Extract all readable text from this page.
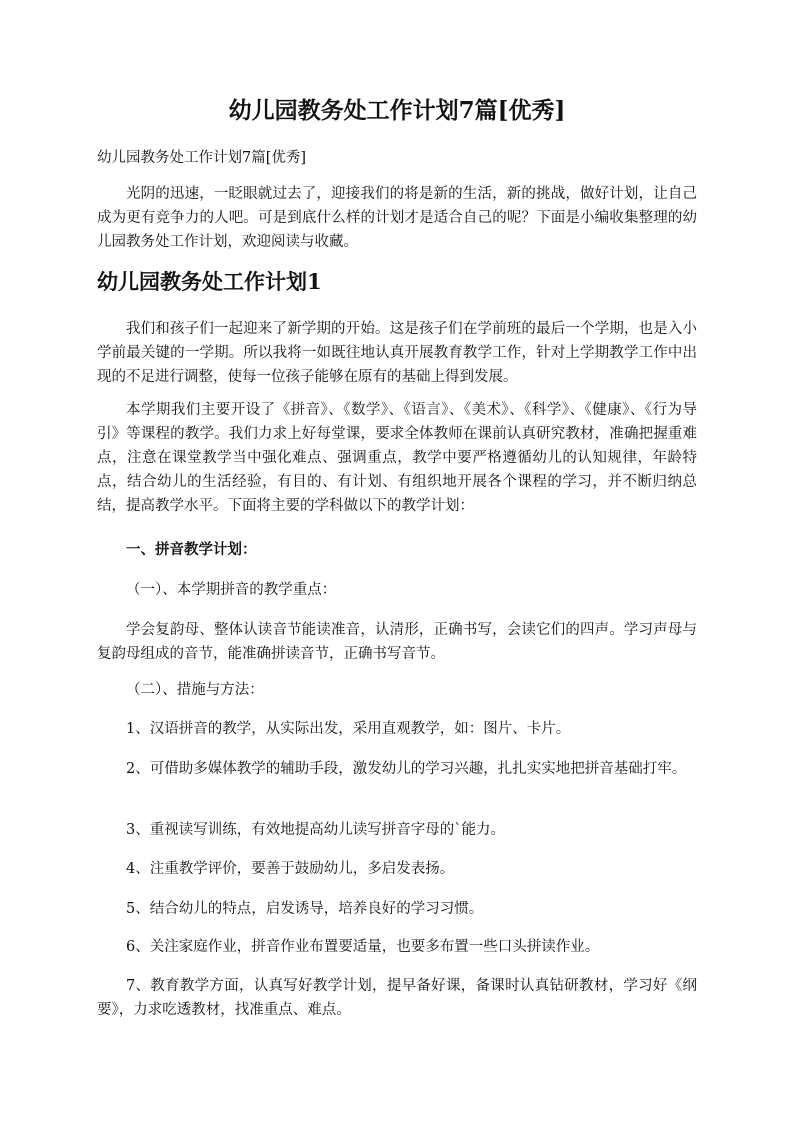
幼儿园教务处工作计划7篇[优秀]

幼儿园教务处工作计划7篇[优秀]

光阴的迅速，一眨眼就过去了，迎接我们的将是新的生活，新的挑战，做好计划，让自己成为更有竞争力的人吧。可是到底什么样的计划才是适合自己的呢？下面是小编收集整理的幼儿园教务处工作计划，欢迎阅读与收藏。

幼儿园教务处工作计划1

我们和孩子们一起迎来了新学期的开始。这是孩子们在学前班的最后一个学期，也是入小学前最关键的一学期。所以我将一如既往地认真开展教育教学工作，针对上学期教学工作中出现的不足进行调整，使每一位孩子能够在原有的基础上得到发展。

本学期我们主要开设了《拼音》、《数学》、《语言》、《美术》、《科学》、《健康》、《行为导引》等课程的教学。我们力求上好每堂课，要求全体教师在课前认真研究教材，准确把握重难点，注意在课堂教学当中强化难点、强调重点，教学中要严格遵循幼儿的认知规律，年龄特点，结合幼儿的生活经验，有目的、有计划、有组织地开展各个课程的学习，并不断归纳总结，提高教学水平。下面将主要的学科做以下的教学计划：

一、拼音教学计划：

（一）、本学期拼音的教学重点：

学会复韵母、整体认读音节能读准音，认清形，正确书写，会读它们的四声。学习声母与复韵母组成的音节，能准确拼读音节，正确书写音节。

（二）、措施与方法：

1、汉语拼音的教学，从实际出发，采用直观教学，如：图片、卡片。

2、可借助多媒体教学的辅助手段，激发幼儿的学习兴趣，扎扎实实地把拼音基础打牢。

3、重视读写训练，有效地提高幼儿读写拼音字母的`能力。

4、注重教学评价，要善于鼓励幼儿，多启发表扬。

5、结合幼儿的特点，启发诱导，培养良好的学习习惯。

6、关注家庭作业，拼音作业布置要适量，也要多布置一些口头拼读作业。

7、教育教学方面，认真写好教学计划，提早备好课，备课时认真钻研教材，学习好《纲要》，力求吃透教材，找准重点、难点。
